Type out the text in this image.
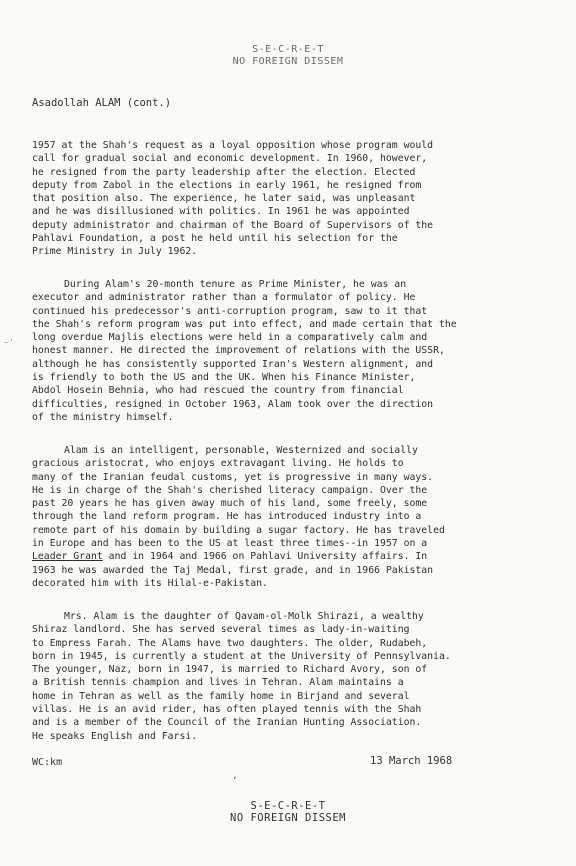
S-E-C-R-E-T
NO FOREIGN DISSEM
Asadollah ALAM (cont.)
1957 at the Shah's request as a loyal opposition whose program would
call for gradual social and economic development. In 1960, however,
he resigned from the party leadership after the election. Elected
deputy from Zabol in the elections in early 1961, he resigned from
that position also. The experience, he later said, was unpleasant
and he was disillusioned with politics. In 1961 he was appointed
deputy administrator and chairman of the Board of Supervisors of the
Pahlavi Foundation, a post he held until his selection for the
Prime Ministry in July 1962.
~ʼ
During Alam's 20-month tenure as Prime Minister, he was an
executor and administrator rather than a formulator of policy. He
continued his predecessor's anti-corruption program, saw to it that
the Shah's reform program was put into effect, and made certain that the
long overdue Majlis elections were held in a comparatively calm and
honest manner. He directed the improvement of relations with the USSR,
although he has consistently supported Iran's Western alignment, and
is friendly to both the US and the UK. When his Finance Minister,
Abdol Hosein Behnia, who had rescued the country from financial
difficulties, resigned in October 1963, Alam took over the direction
of the ministry himself.
Alam is an intelligent, personable, Westernized and socially
gracious aristocrat, who enjoys extravagant living. He holds to
many of the Iranian feudal customs, yet is progressive in many ways.
He is in charge of the Shah's cherished literacy campaign. Over the
past 20 years he has given away much of his land, some freely, some
through the land reform program. He has introduced industry into a
remote part of his domain by building a sugar factory. He has traveled
in Europe and has been to the US at least three times--in 1957 on a
Leader Grant and in 1964 and 1966 on Pahlavi University affairs. In
1963 he was awarded the Taj Medal, first grade, and in 1966 Pakistan
decorated him with its Hilal-e-Pakistan.
Mrs. Alam is the daughter of Qavam-ol-Molk Shirazi, a wealthy
Shiraz landlord. She has served several times as lady-in-waiting
to Empress Farah. The Alams have two daughters. The older, Rudabeh,
born in 1945, is currently a student at the University of Pennsylvania.
The younger, Naz, born in 1947, is married to Richard Avory, son of
a British tennis champion and lives in Tehran. Alam maintains a
home in Tehran as well as the family home in Birjand and several
villas. He is an avid rider, has often played tennis with the Shah
and is a member of the Council of the Iranian Hunting Association.
He speaks English and Farsi.
WC:km	13 March 1968
ʻ
S-E-C-R-E-T
NO FOREIGN DISSEM
